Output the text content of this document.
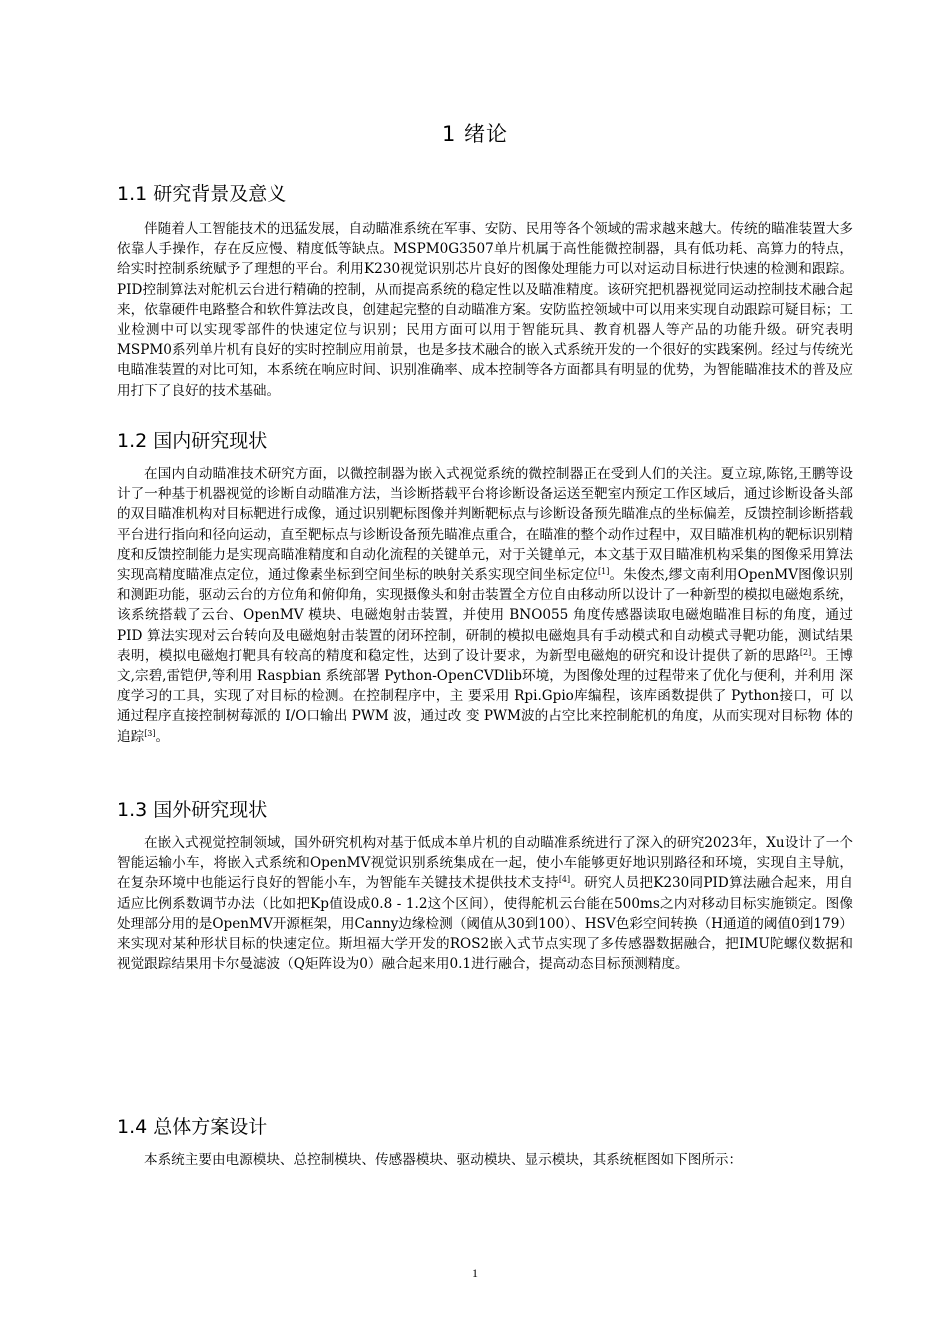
1 绪论
1.1 研究背景及意义
伴随着人工智能技术的迅猛发展，自动瞄准系统在军事、安防、民用等各个领域的需求越来越大。传统的瞄准装置大多依靠人手操作，存在反应慢、精度低等缺点。MSPM0G3507单片机属于高性能微控制器，具有低功耗、高算力的特点，给实时控制系统赋予了理想的平台。利用K230视觉识别芯片良好的图像处理能力可以对运动目标进行快速的检测和跟踪。PID控制算法对舵机云台进行精确的控制，从而提高系统的稳定性以及瞄准精度。该研究把机器视觉同运动控制技术融合起来，依靠硬件电路整合和软件算法改良，创建起完整的自动瞄准方案。安防监控领域中可以用来实现自动跟踪可疑目标；工业检测中可以实现零部件的快速定位与识别；民用方面可以用于智能玩具、教育机器人等产品的功能升级。研究表明MSPM0系列单片机有良好的实时控制应用前景，也是多技术融合的嵌入式系统开发的一个很好的实践案例。经过与传统光电瞄准装置的对比可知，本系统在响应时间、识别准确率、成本控制等各方面都具有明显的优势，为智能瞄准技术的普及应用打下了良好的技术基础。
1.2 国内研究现状
在国内自动瞄准技术研究方面，以微控制器为嵌入式视觉系统的微控制器正在受到人们的关注。夏立琼,陈铭,王鹏等设计了一种基于机器视觉的诊断自动瞄准方法，当诊断搭载平台将诊断设备运送至靶室内预定工作区域后，通过诊断设备头部的双目瞄准机构对目标靶进行成像，通过识别靶标图像并判断靶标点与诊断设备预先瞄准点的坐标偏差，反馈控制诊断搭载平台进行指向和径向运动，直至靶标点与诊断设备预先瞄准点重合，在瞄准的整个动作过程中，双目瞄准机构的靶标识别精度和反馈控制能力是实现高瞄准精度和自动化流程的关键单元，对于关键单元，本文基于双目瞄准机构采集的图像采用算法实现高精度瞄准点定位，通过像素坐标到空间坐标的映射关系实现空间坐标定位[1]。朱俊杰,缪文南利用OpenMV图像识别和测距功能，驱动云台的方位角和俯仰角，实现摄像头和射击装置全方位自由移动所以设计了一种新型的模拟电磁炮系统，该系统搭载了云台、OpenMV 模块、电磁炮射击装置，并使用 BNO055 角度传感器读取电磁炮瞄准目标的角度，通过 PID 算法实现对云台转向及电磁炮射击装置的闭环控制，研制的模拟电磁炮具有手动模式和自动模式寻靶功能，测试结果表明，模拟电磁炮打靶具有较高的精度和稳定性，达到了设计要求，为新型电磁炮的研究和设计提供了新的思路[2]。王博文,宗碧,雷铠伊,等利用 Raspbian 系统部署 Python-OpenCVDlib环境，为图像处理的过程带来了优化与便利，并利用 深度学习的工具，实现了对目标的检测。在控制程序中，主 要采用 Rpi.Gpio库编程，该库函数提供了 Python接口，可 以通过程序直接控制树莓派的 I/O口输出 PWM 波，通过改 变 PWM波的占空比来控制舵机的角度，从而实现对目标物 体的追踪[3]。
1.3 国外研究现状
在嵌入式视觉控制领域，国外研究机构对基于低成本单片机的自动瞄准系统进行了深入的研究2023年，Xu设计了一个智能运输小车，将嵌入式系统和OpenMV视觉识别系统集成在一起，使小车能够更好地识别路径和环境，实现自主导航，在复杂环境中也能运行良好的智能小车，为智能车关键技术提供技术支持[4]。研究人员把K230同PID算法融合起来，用自适应比例系数调节办法（比如把Kp值设成0.8 - 1.2这个区间），使得舵机云台能在500ms之内对移动目标实施锁定。图像处理部分用的是OpenMV开源框架，用Canny边缘检测（阈值从30到100）、HSV色彩空间转换（H通道的阈值0到179）来实现对某种形状目标的快速定位。斯坦福大学开发的ROS2嵌入式节点实现了多传感器数据融合，把IMU陀螺仪数据和视觉跟踪结果用卡尔曼滤波（Q矩阵设为0）融合起来用0.1进行融合，提高动态目标预测精度。
1.4 总体方案设计
本系统主要由电源模块、总控制模块、传感器模块、驱动模块、显示模块，其系统框图如下图所示：
1
